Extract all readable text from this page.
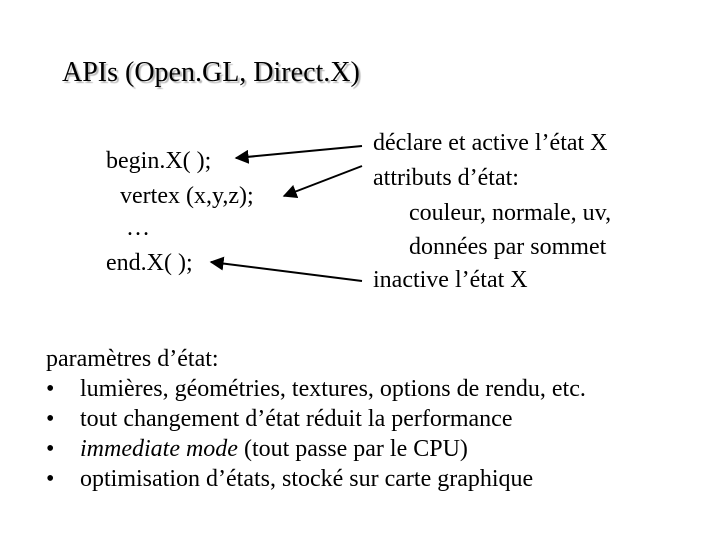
APIs (Open.GL, Direct.X)
begin.X( );
vertex (x,y,z);
…
end.X( );
déclare et active l’état X
attributs d’état:
couleur, normale, uv,
données par sommet
inactive l’état X
paramètres d’état:
•	lumières, géométries, textures, options de rendu, etc.
•	tout changement d’état réduit la performance
•	immediate mode (tout passe par le CPU)
•	optimisation d’états, stocké sur carte graphique
